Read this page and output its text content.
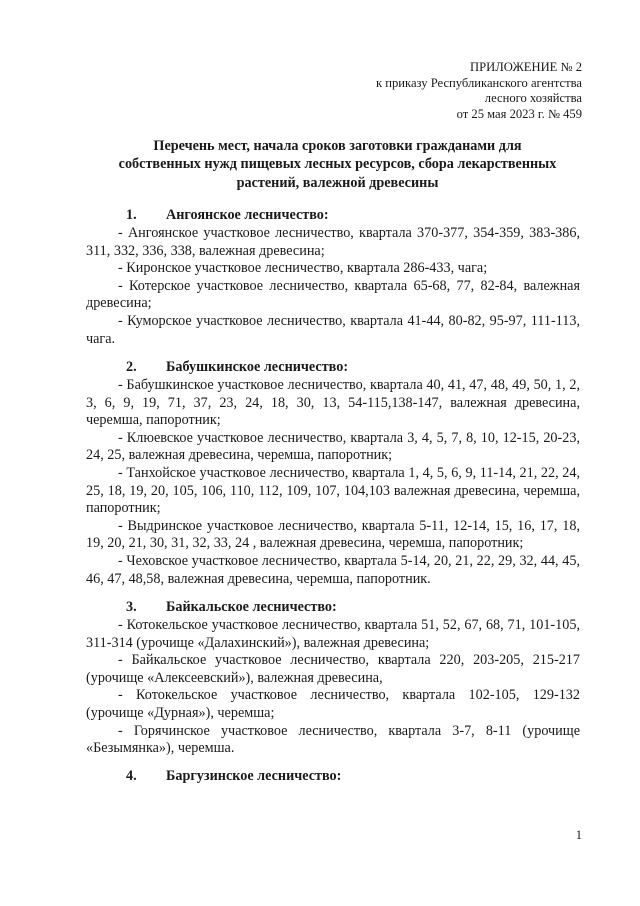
ПРИЛОЖЕНИЕ № 2
к приказу Республиканского агентства
лесного хозяйства
от 25 мая 2023 г. № 459
Перечень мест, начала сроков заготовки гражданами для
собственных нужд пищевых лесных ресурсов, сбора лекарственных
растений, валежной древесины
1. Ангоянское лесничество:
- Ангоянское участковое лесничество, квартала 370-377, 354-359, 383-386, 311, 332, 336, 338, валежная древесина;
- Киронское участковое лесничество, квартала 286-433, чага;
- Котерское участковое лесничество, квартала 65-68, 77, 82-84, валежная древесина;
- Куморское участковое лесничество, квартала 41-44, 80-82, 95-97, 111-113, чага.
2. Бабушкинское лесничество:
- Бабушкинское участковое лесничество, квартала 40, 41, 47, 48, 49, 50, 1, 2, 3, 6, 9, 19, 71, 37, 23, 24, 18, 30, 13, 54-115,138-147, валежная древесина, черемша, папоротник;
- Клюевское участковое лесничество, квартала 3, 4, 5, 7, 8, 10, 12-15, 20-23, 24, 25, валежная древесина, черемша, папоротник;
- Танхойское участковое лесничество, квартала 1, 4, 5, 6, 9, 11-14, 21, 22, 24, 25, 18, 19, 20, 105, 106, 110, 112, 109, 107, 104,103 валежная древесина, черемша, папоротник;
- Выдринское участковое лесничество, квартала 5-11, 12-14, 15, 16, 17, 18, 19, 20, 21, 30, 31, 32, 33, 24 , валежная древесина, черемша, папоротник;
- Чеховское участковое лесничество, квартала 5-14, 20, 21, 22, 29, 32, 44, 45, 46, 47, 48,58, валежная древесина, черемша, папоротник.
3. Байкальское лесничество:
- Котокельское участковое лесничество, квартала 51, 52, 67, 68, 71, 101-105, 311-314 (урочище «Далахинский»), валежная древесина;
- Байкальское участковое лесничество, квартала 220, 203-205, 215-217 (урочище «Алексеевский»), валежная древесина,
- Котокельское участковое лесничество, квартала 102-105, 129-132 (урочище «Дурная»), черемша;
- Горячинское участковое лесничество, квартала 3-7, 8-11 (урочище «Безымянка»), черемша.
4. Баргузинское лесничество:
1
